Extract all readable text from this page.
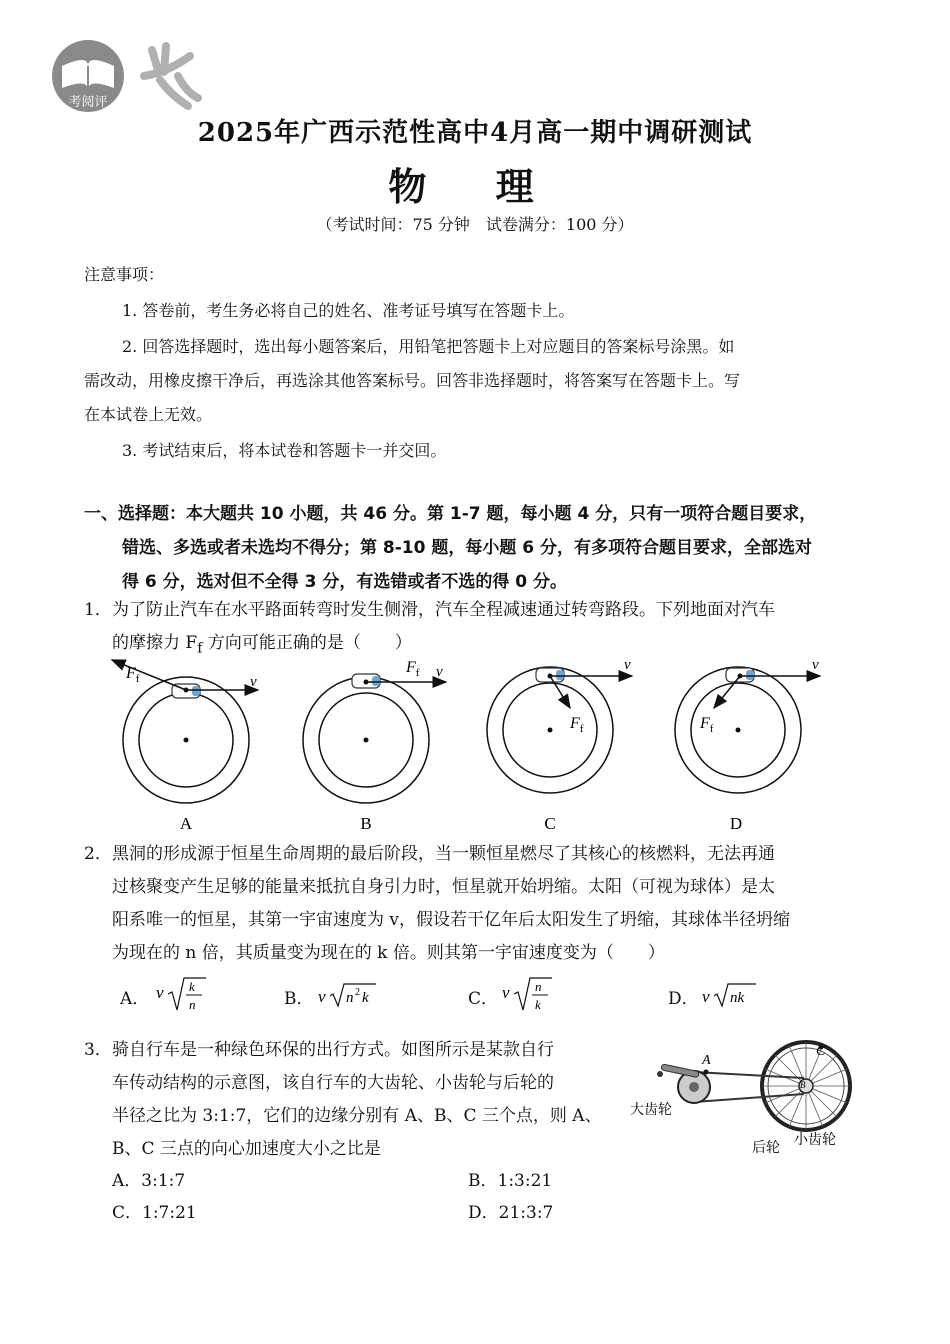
考阅评
2025年广西示范性高中4月高一期中调研测试
物 理
（考试时间：75 分钟　试卷满分：100 分）
注意事项：
1. 答卷前，考生务必将自己的姓名、准考证号填写在答题卡上。
2. 回答选择题时，选出每小题答案后，用铅笔把答题卡上对应题目的答案标号涂黑。如
需改动，用橡皮擦干净后，再选涂其他答案标号。回答非选择题时，将答案写在答题卡上。写
在本试卷上无效。
3. 考试结束后，将本试卷和答题卡一并交回。
一、选择题：本大题共 10 小题，共 46 分。第 1-7 题，每小题 4 分，只有一项符合题目要求，
错选、多选或者未选均不得分；第 8-10 题，每小题 6 分，有多项符合题目要求，全部选对
得 6 分，选对但不全得 3 分，有选错或者不选的得 0 分。
1．为了防止汽车在水平路面转弯时发生侧滑，汽车全程减速通过转弯路段。下列地面对汽车
的摩擦力 $F_f$ 方向可能正确的是（　　）
v
$F_f$
A
$F_f$ v
B
v
$F_f$
C
v
$F_f$
D
2．黑洞的形成源于恒星生命周期的最后阶段，当一颗恒星燃尽了其核心的核燃料，无法再通
过核聚变产生足够的能量来抵抗自身引力时，恒星就开始坍缩。太阳（可视为球体）是太
阳系唯一的恒星，其第一宇宙速度为 v，假设若干亿年后太阳发生了坍缩，其球体半径坍缩
为现在的 n 倍，其质量变为现在的 k 倍。则其第一宇宙速度变为（　　）
A． v k
n	B． v n 2 k	C． v n
k	D． v nk
3．骑自行车是一种绿色环保的出行方式。如图所示是某款自行
车传动结构的示意图，该自行车的大齿轮、小齿轮与后轮的
半径之比为 3:1:7，它们的边缘分别有 A、B、C 三个点，则 A、
B、C 三点的向心加速度大小之比是
A
C
B
大齿轮
后轮 小齿轮
A．3:1:7	B．1:3:21
C．1:7:21	D．21:3:7
